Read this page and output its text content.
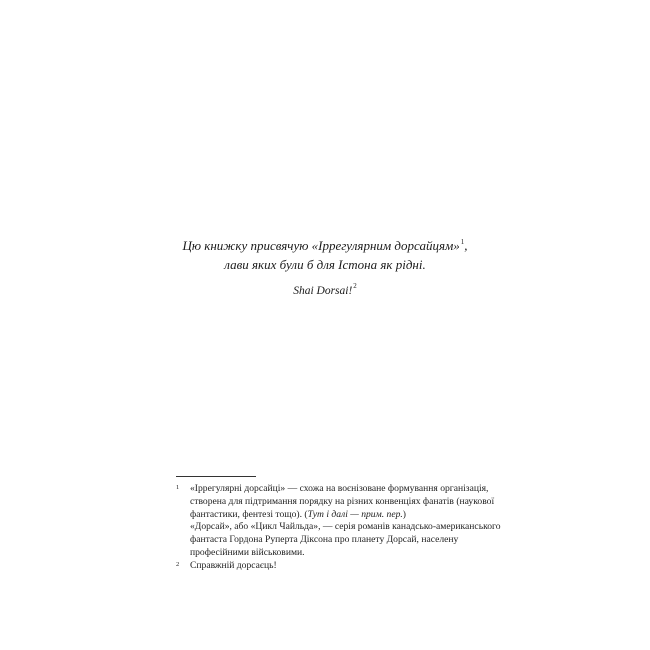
Цю книжку присвячую «Іррегулярним дорсайцям»$^1$,
лави яких були б для Істона як рідні.
Shai Dorsai!$^2$
1 «Іррегулярні дорсайці» — схожа на воєнізоване формування організація, створена для підтримання порядку на різних конвенціях фанатів (наукової фантастики, фентезі тощо). (Тут і далі — прим. пер.)
«Дорсай», або «Цикл Чайльда», — серія романів канадсько-американського фантаста Гордона Руперта Діксона про планету Дорсай, населену професійними військовими.
2 Справжній дорсаєць!
